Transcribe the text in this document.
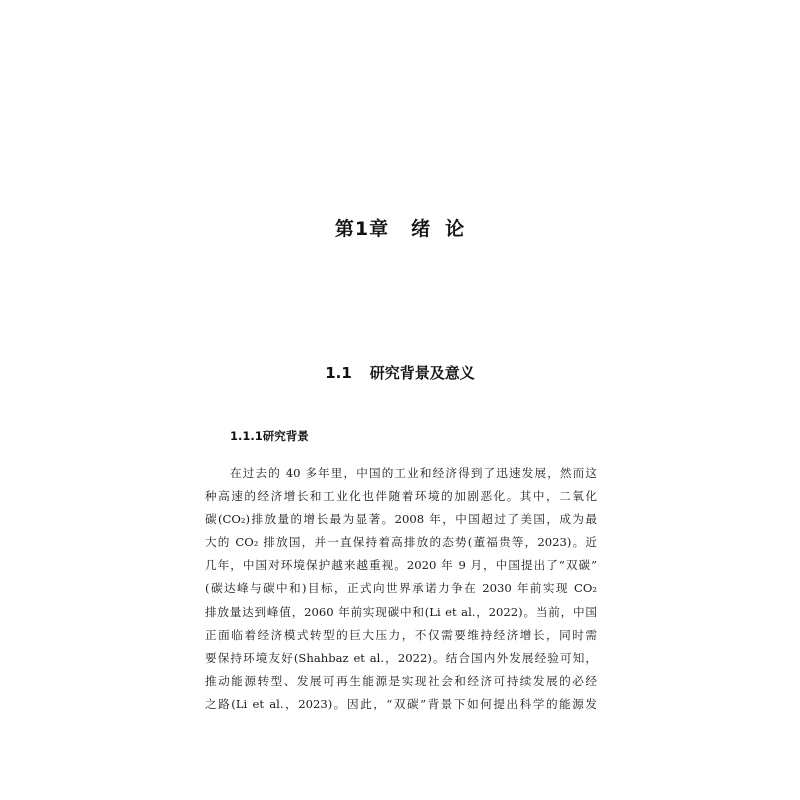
第1章 绪 论
1.1 研究背景及意义
1.1.1研究背景
在过去的 40 多年里，中国的工业和经济得到了迅速发展，然而这
种高速的经济增长和工业化也伴随着环境的加剧恶化。其中，二氧化
碳(CO₂)排放量的增长最为显著。2008 年，中国超过了美国，成为最
大的 CO₂ 排放国，并一直保持着高排放的态势(董福贵等，2023)。近
几年，中国对环境保护越来越重视。2020 年 9 月，中国提出了“双碳”
(碳达峰与碳中和)目标，正式向世界承诺力争在 2030 年前实现 CO₂
排放量达到峰值，2060 年前实现碳中和(Li et al.，2022)。当前，中国
正面临着经济模式转型的巨大压力，不仅需要维持经济增长，同时需
要保持环境友好(Shahbaz et al.，2022)。结合国内外发展经验可知，
推动能源转型、发展可再生能源是实现社会和经济可持续发展的必经
之路(Li et al.，2023)。因此，“双碳”背景下如何提出科学的能源发
